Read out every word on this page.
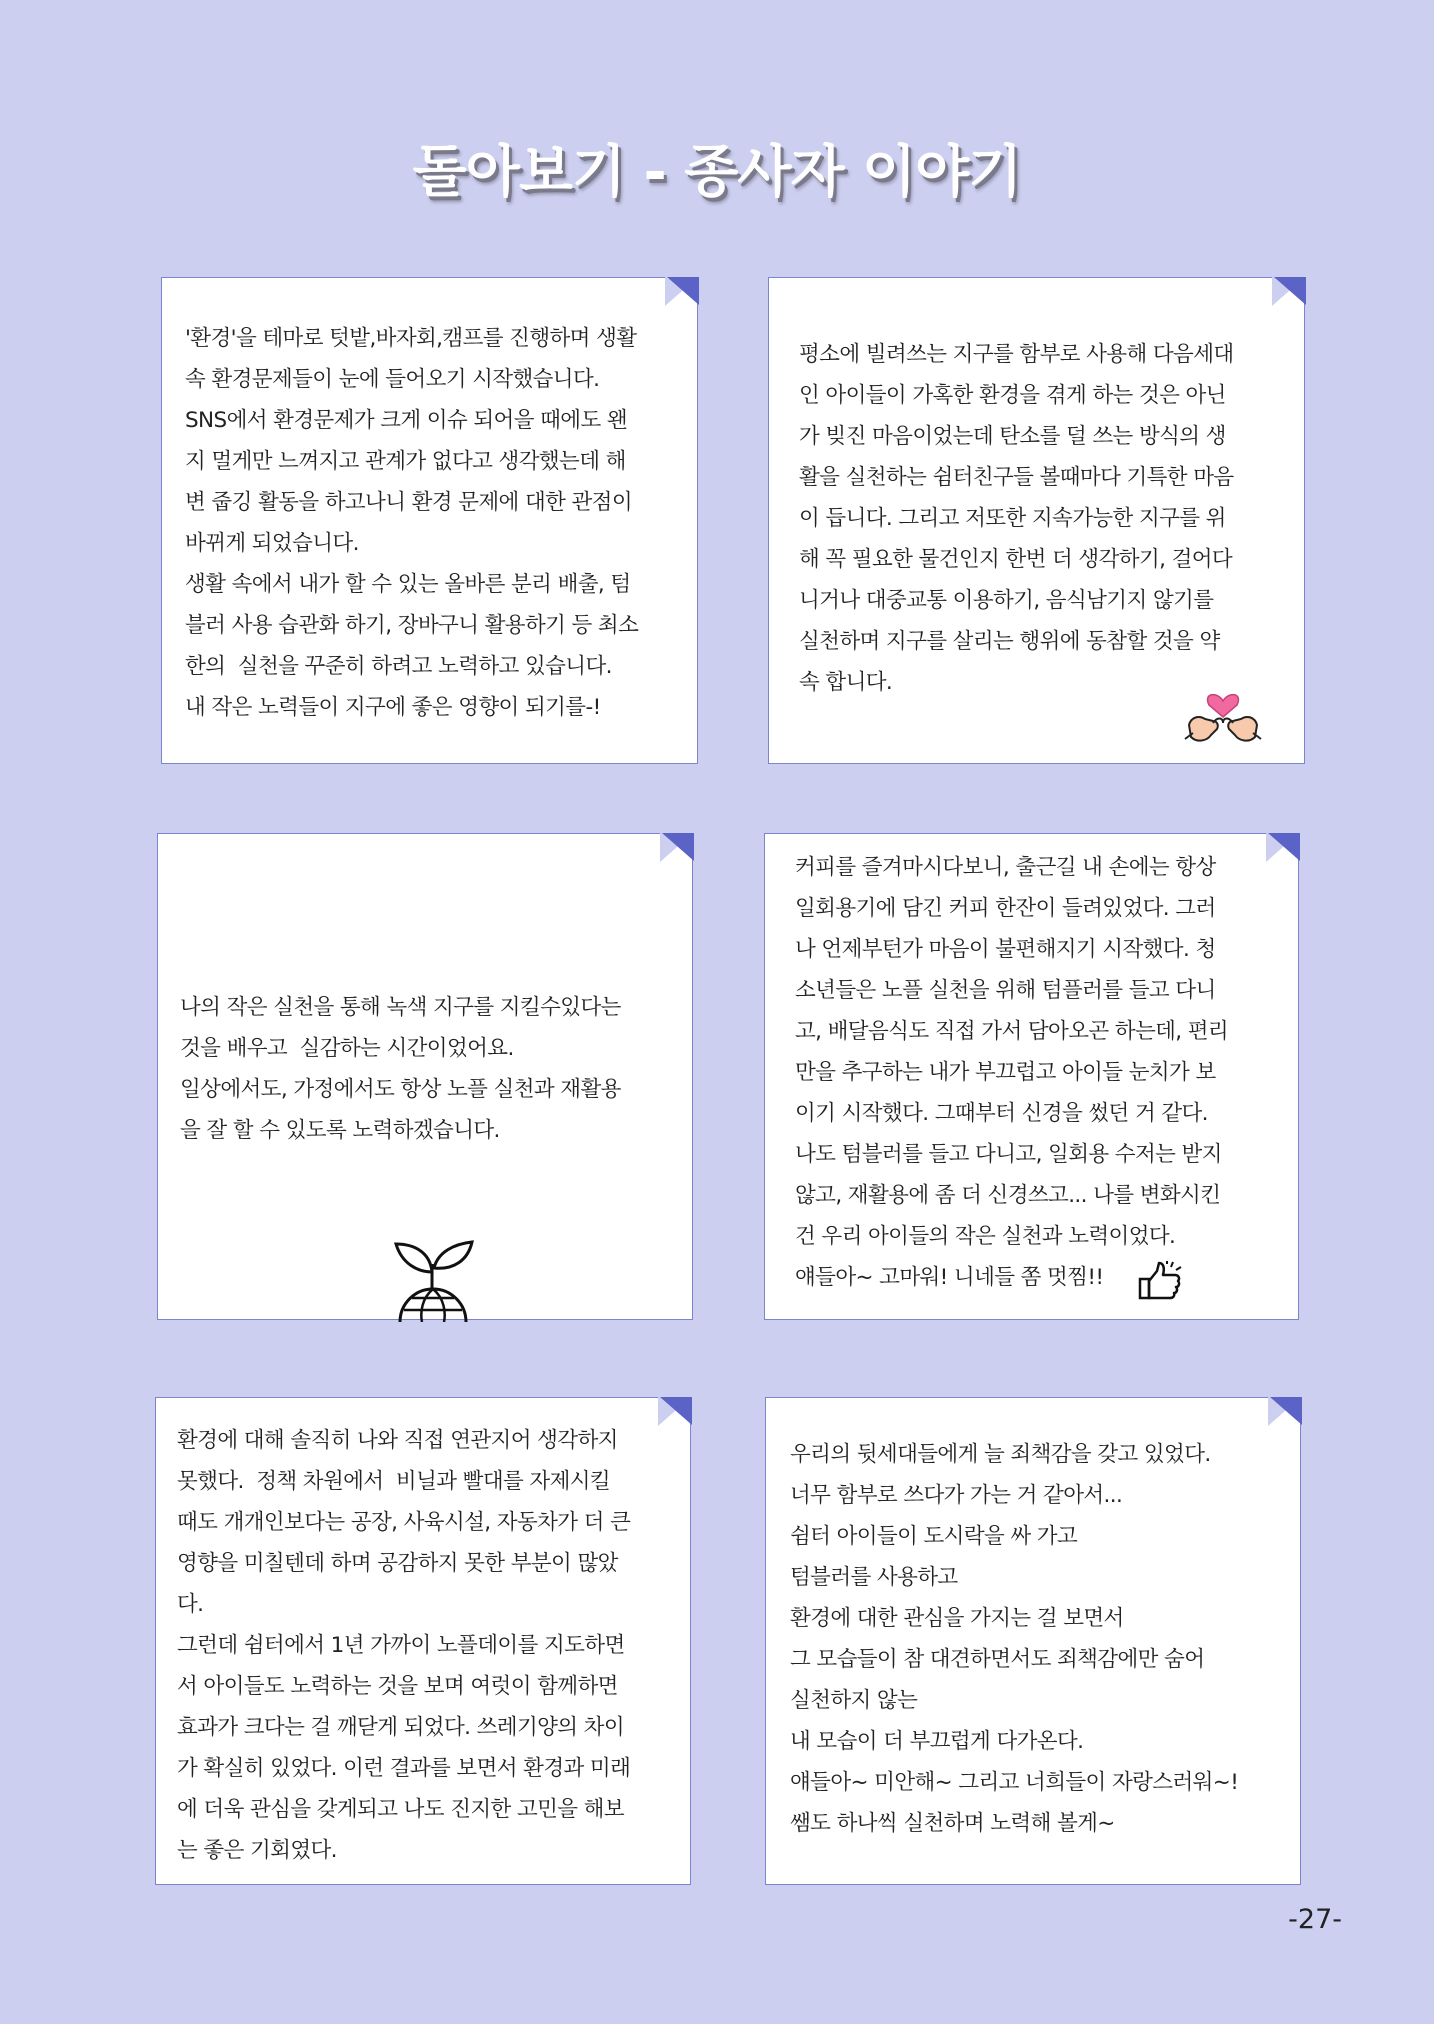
돌아보기 - 종사자 이야기
'환경'을 테마로 텃밭,바자회,캠프를 진행하며 생활
속 환경문제들이 눈에 들어오기 시작했습니다.
SNS에서 환경문제가 크게 이슈 되어을 때에도 왠
지 멀게만 느껴지고 관계가 없다고 생각했는데 해
변 줍깅 활동을 하고나니 환경 문제에 대한 관점이
바뀌게 되었습니다.
생활 속에서 내가 할 수 있는 올바른 분리 배출, 텀
블러 사용 습관화 하기, 장바구니 활용하기 등 최소
한의  실천을 꾸준히 하려고 노력하고 있습니다.
내 작은 노력들이 지구에 좋은 영향이 되기를-!
평소에 빌려쓰는 지구를 함부로 사용해 다음세대
인 아이들이 가혹한 환경을 겪게 하는 것은 아닌
가 빚진 마음이었는데 탄소를 덜 쓰는 방식의 생
활을 실천하는 쉼터친구들 볼때마다 기특한 마음
이 듭니다. 그리고 저또한 지속가능한 지구를 위
해 꼭 필요한 물건인지 한번 더 생각하기, 걸어다
니거나 대중교통 이용하기, 음식남기지 않기를
실천하며 지구를 살리는 행위에 동참할 것을 약
속 합니다.
나의 작은 실천을 통해 녹색 지구를 지킬수있다는
것을 배우고  실감하는 시간이었어요.
일상에서도, 가정에서도 항상 노플 실천과 재활용
을 잘 할 수 있도록 노력하겠습니다.
커피를 즐겨마시다보니, 출근길 내 손에는 항상
일회용기에 담긴 커피 한잔이 들려있었다. 그러
나 언제부턴가 마음이 불편해지기 시작했다. 청
소년들은 노플 실천을 위해 텀플러를 들고 다니
고, 배달음식도 직접 가서 담아오곤 하는데, 편리
만을 추구하는 내가 부끄럽고 아이들 눈치가 보
이기 시작했다. 그때부터 신경을 썼던 거 같다.
나도 텀블러를 들고 다니고, 일회용 수저는 받지
않고, 재활용에 좀 더 신경쓰고... 나를 변화시킨
건 우리 아이들의 작은 실천과 노력이었다.
얘들아~ 고마워! 니네들 쫌 멋찜!!
환경에 대해 솔직히 나와 직접 연관지어 생각하지
못했다.  정책 차원에서  비닐과 빨대를 자제시킬
때도 개개인보다는 공장, 사육시설, 자동차가 더 큰
영향을 미칠텐데 하며 공감하지 못한 부분이 많았
다.
그런데 쉼터에서 1년 가까이 노플데이를 지도하면
서 아이들도 노력하는 것을 보며 여럿이 함께하면
효과가 크다는 걸 깨닫게 되었다. 쓰레기양의 차이
가 확실히 있었다. 이런 결과를 보면서 환경과 미래
에 더욱 관심을 갖게되고 나도 진지한 고민을 해보
는 좋은 기회였다.
우리의 뒷세대들에게 늘 죄책감을 갖고 있었다.
너무 함부로 쓰다가 가는 거 같아서...
쉼터 아이들이 도시락을 싸 가고
텀블러를 사용하고
환경에 대한 관심을 가지는 걸 보면서
그 모습들이 참 대견하면서도 죄책감에만 숨어
실천하지 않는
내 모습이 더 부끄럽게 다가온다.
얘들아~ 미안해~ 그리고 너희들이 자랑스러워~!
쌤도 하나씩 실천하며 노력해 볼게~
-27-
